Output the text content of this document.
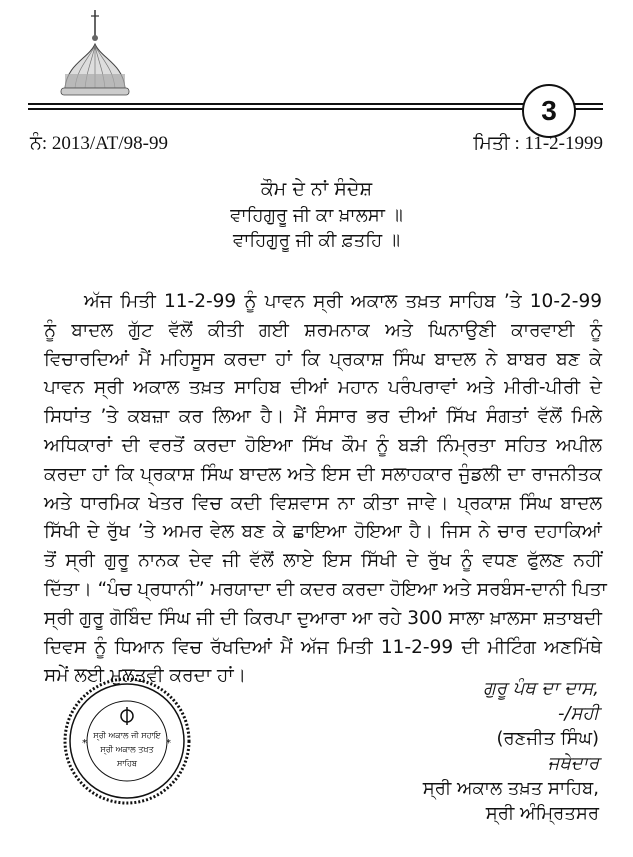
3
ਨੰ: 2013/AT/98-99	ਮਿਤੀ : 11-2-1999
ਕੌਮ ਦੇ ਨਾਂ ਸੰਦੇਸ਼
ਵਾਹਿਗੁਰੂ ਜੀ ਕਾ ਖ਼ਾਲਸਾ ॥
ਵਾਹਿਗੁਰੂ ਜੀ ਕੀ ਫ਼ਤਹਿ ॥
ਅੱਜ ਮਿਤੀ 11-2-99 ਨੂੰ ਪਾਵਨ ਸ੍ਰੀ ਅਕਾਲ ਤਖ਼ਤ ਸਾਹਿਬ ’ਤੇ 10-2-99
ਨੂੰ ਬਾਦਲ ਗੁੱਟ ਵੱਲੋਂ ਕੀਤੀ ਗਈ ਸ਼ਰਮਨਾਕ ਅਤੇ ਘਿਨਾਉਣੀ ਕਾਰਵਾਈ ਨੂੰ
ਵਿਚਾਰਦਿਆਂ ਮੈਂ ਮਹਿਸੂਸ ਕਰਦਾ ਹਾਂ ਕਿ ਪ੍ਰਕਾਸ਼ ਸਿੰਘ ਬਾਦਲ ਨੇ ਬਾਬਰ ਬਣ ਕੇ
ਪਾਵਨ ਸ੍ਰੀ ਅਕਾਲ ਤਖ਼ਤ ਸਾਹਿਬ ਦੀਆਂ ਮਹਾਨ ਪਰੰਪਰਾਵਾਂ ਅਤੇ ਮੀਰੀ-ਪੀਰੀ ਦੇ
ਸਿਧਾਂਤ ’ਤੇ ਕਬਜ਼ਾ ਕਰ ਲਿਆ ਹੈ। ਮੈਂ ਸੰਸਾਰ ਭਰ ਦੀਆਂ ਸਿੱਖ ਸੰਗਤਾਂ ਵੱਲੋਂ ਮਿਲੇ
ਅਧਿਕਾਰਾਂ ਦੀ ਵਰਤੋਂ ਕਰਦਾ ਹੋਇਆ ਸਿੱਖ ਕੌਮ ਨੂੰ ਬੜੀ ਨਿੰਮ੍ਰਤਾ ਸਹਿਤ ਅਪੀਲ
ਕਰਦਾ ਹਾਂ ਕਿ ਪ੍ਰਕਾਸ਼ ਸਿੰਘ ਬਾਦਲ ਅਤੇ ਇਸ ਦੀ ਸਲਾਹਕਾਰ ਜੁੰਡਲੀ ਦਾ ਰਾਜਨੀਤਕ
ਅਤੇ ਧਾਰਮਿਕ ਖੇਤਰ ਵਿਚ ਕਦੀ ਵਿਸ਼ਵਾਸ ਨਾ ਕੀਤਾ ਜਾਵੇ। ਪ੍ਰਕਾਸ਼ ਸਿੰਘ ਬਾਦਲ
ਸਿੱਖੀ ਦੇ ਰੁੱਖ ’ਤੇ ਅਮਰ ਵੇਲ ਬਣ ਕੇ ਛਾਇਆ ਹੋਇਆ ਹੈ। ਜਿਸ ਨੇ ਚਾਰ ਦਹਾਕਿਆਂ
ਤੋਂ ਸ੍ਰੀ ਗੁਰੂ ਨਾਨਕ ਦੇਵ ਜੀ ਵੱਲੋਂ ਲਾਏ ਇਸ ਸਿੱਖੀ ਦੇ ਰੁੱਖ ਨੂੰ ਵਧਣ ਫੁੱਲਣ ਨਹੀਂ
ਦਿੱਤਾ। “ਪੰਚ ਪ੍ਰਧਾਨੀ” ਮਰਯਾਦਾ ਦੀ ਕਦਰ ਕਰਦਾ ਹੋਇਆ ਅਤੇ ਸਰਬੰਸ-ਦਾਨੀ ਪਿਤਾ
ਸ੍ਰੀ ਗੁਰੂ ਗੋਬਿੰਦ ਸਿੰਘ ਜੀ ਦੀ ਕਿਰਪਾ ਦੁਆਰਾ ਆ ਰਹੇ 300 ਸਾਲਾ ਖ਼ਾਲਸਾ ਸ਼ਤਾਬਦੀ
ਦਿਵਸ ਨੂੰ ਧਿਆਨ ਵਿਚ ਰੱਖਦਿਆਂ ਮੈਂ ਅੱਜ ਮਿਤੀ 11-2-99 ਦੀ ਮੀਟਿੰਗ ਅਣਮਿੱਥੇ
ਸਮੇਂ ਲਈ ਮੁਲਤਵੀ ਕਰਦਾ ਹਾਂ।
*	*
ਸ੍ਰੀ ਅਕਾਲ ਜੀ ਸਹਾਇ
ਸ੍ਰੀ ਅਕਾਲ ਤਖ਼ਤ
ਸਾਹਿਬ
ਗੁਰੂ ਪੰਥ ਦਾ ਦਾਸ,
-/ਸਹੀ
(ਰਣਜੀਤ ਸਿੰਘ)
ਜਥੇਦਾਰ
ਸ੍ਰੀ ਅਕਾਲ ਤਖ਼ਤ ਸਾਹਿਬ,
ਸ੍ਰੀ ਅੰਮ੍ਰਿਤਸਰ
